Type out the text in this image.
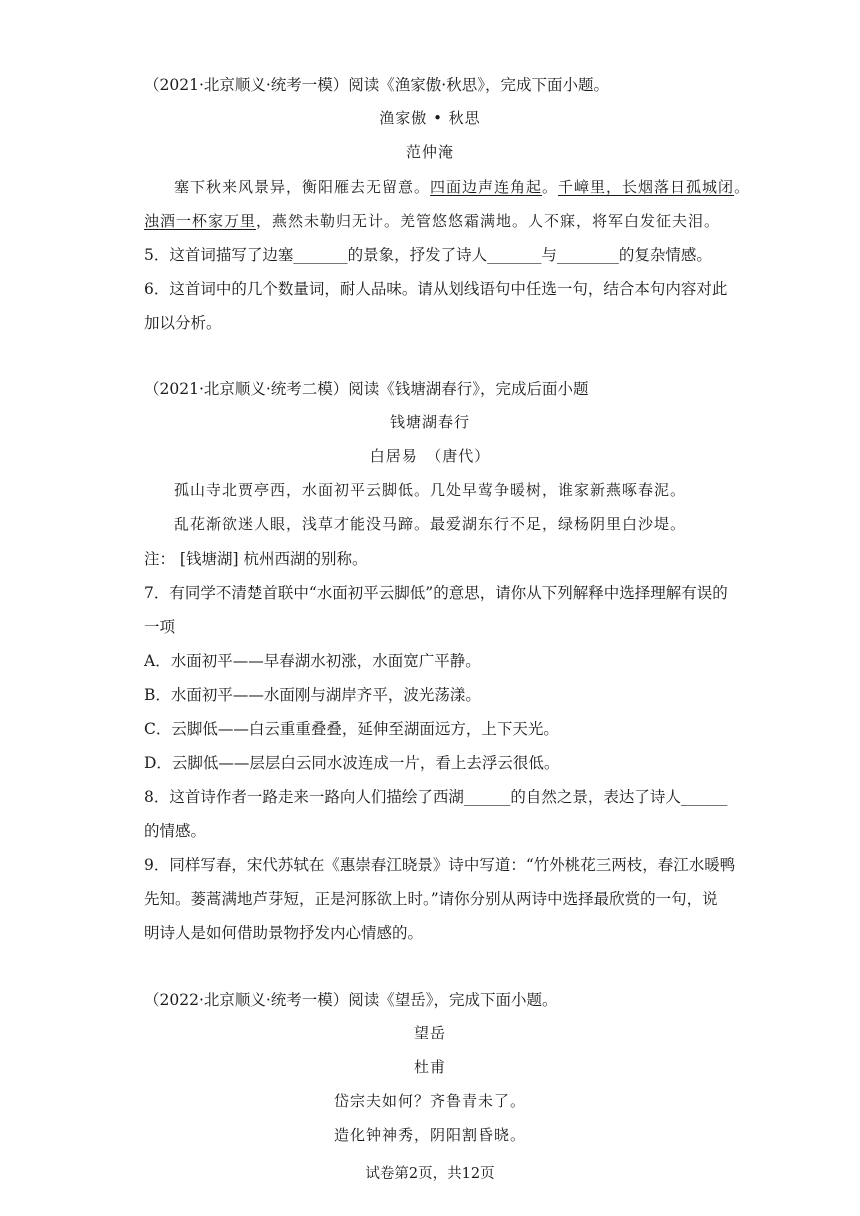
（2021·北京顺义·统考一模）阅读《渔家傲·秋思》，完成下面小题。
渔家傲 • 秋思
范仲淹
塞下秋来风景异，衡阳雁去无留意。四面边声连角起。千嶂里，长烟落日孤城闭。
浊酒一杯家万里，燕然未勒归无计。羌管悠悠霜满地。人不寐，将军白发征夫泪。
5．这首词描写了边塞_______的景象，抒发了诗人_______与________的复杂情感。
6．这首词中的几个数量词，耐人品味。请从划线语句中任选一句，结合本句内容对此
加以分析。
（2021·北京顺义·统考二模）阅读《钱塘湖春行》，完成后面小题
钱塘湖春行
白居易　（唐代）
孤山寺北贾亭西，水面初平云脚低。几处早莺争暖树，谁家新燕啄春泥。
乱花渐欲迷人眼，浅草才能没马蹄。最爱湖东行不足，绿杨阴里白沙堤。
注： [钱塘湖] 杭州西湖的别称。
7．有同学不清楚首联中“水面初平云脚低”的意思，请你从下列解释中选择理解有误的
一项
A．水面初平——早春湖水初涨，水面宽广平静。
B．水面初平——水面刚与湖岸齐平，波光荡漾。
C．云脚低——白云重重叠叠，延伸至湖面远方，上下天光。
D．云脚低——层层白云同水波连成一片，看上去浮云很低。
8．这首诗作者一路走来一路向人们描绘了西湖______的自然之景，表达了诗人______
的情感。
9．同样写春，宋代苏轼在《惠崇春江晓景》诗中写道：“竹外桃花三两枝，春江水暖鸭
先知。蒌蒿满地芦芽短，正是河豚欲上时。”请你分别从两诗中选择最欣赏的一句，说
明诗人是如何借助景物抒发内心情感的。
（2022·北京顺义·统考一模）阅读《望岳》，完成下面小题。
望岳
杜甫
岱宗夫如何？齐鲁青未了。
造化钟神秀，阴阳割昏晓。
试卷第2页，共12页
